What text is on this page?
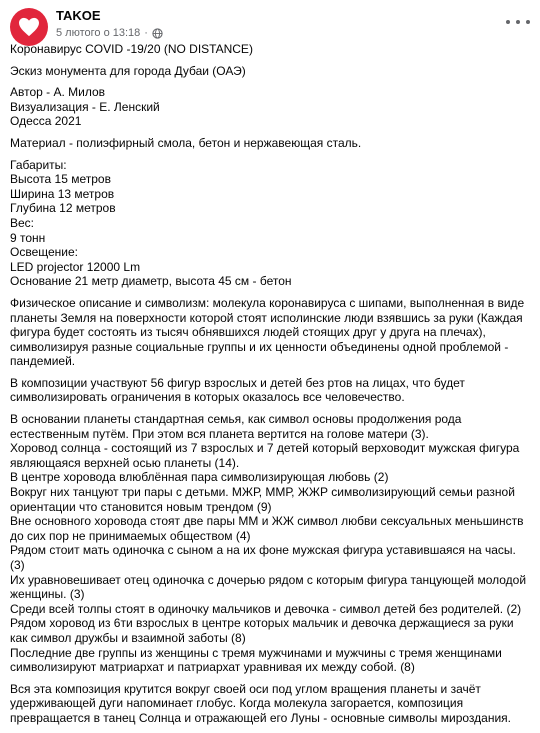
TAKOE
5 лютого о 13:18 ·

Коронавирус COVID -19/20 (NO DISTANCE)

Эскиз монумента для города Дубаи (ОАЭ)

Автор - А. Милов
Визуализация - Е. Ленский
Одесса 2021

Материал - полиэфирный смола, бетон и нержавеющая сталь.

Габариты:
Высота 15 метров
Ширина 13 метров
Глубина 12 метров
Вес:
9 тонн
Освещение:
LED projector 12000 Lm
Основание 21 метр диаметр, высота 45 см - бетон

Физическое описание и символизм: молекула коронавируса с шипами, выполненная в виде
планеты Земля на поверхности которой стоят исполинские люди взявшись за руки (Каждая
фигура будет состоять из тысяч обнявшихся людей стоящих друг у друга на плечах),
символизируя разные социальные группы и их ценности объединены одной проблемой -
пандемией.

В композиции участвуют 56 фигур взрослых и детей без ртов на лицах, что будет
символизировать ограничения в которых оказалось все человечество.

В основании планеты стандартная семья, как символ основы продолжения рода
естественным путём. При этом вся планета вертится на голове матери (3).
Хоровод солнца - состоящий из 7 взрослых и 7 детей который верховодит мужская фигура
являющаяся верхней осью планеты (14).
В центре хоровода влюблённая пара символизирующая любовь (2)
Вокруг них танцуют три пары с детьми. МЖР, ММР, ЖЖР символизирующий семьи разной
ориентации что становится новым трендом (9)
Вне основного хоровода стоят две пары ММ и ЖЖ символ любви сексуальных меньшинств
до сих пор не принимаемых обществом (4)
Рядом стоит мать одиночка с сыном а на их фоне мужская фигура уставившаяся на часы. (3)
Их уравновешивает отец одиночка с дочерью рядом с которым фигура танцующей молодой
женщины. (3)
Среди всей толпы стоят в одиночку мальчиков и девочка - символ детей без родителей. (2)
Рядом хоровод из 6ти взрослых в центре которых мальчик и девочка держащиеся за руки
как символ дружбы и взаимной заботы (8)
Последние две группы из женщины с тремя мужчинами и мужчины с тремя женщинами
символизируют матриархат и патриархат уравнивая их между собой. (8)

Вся эта композиция крутится вокруг своей оси под углом вращения планеты и зачёт
удерживающей дуги напоминает глобус. Когда молекула загорается, композиция
превращается в танец Солнца и отражающей его Луны - основные символы мироздания.
